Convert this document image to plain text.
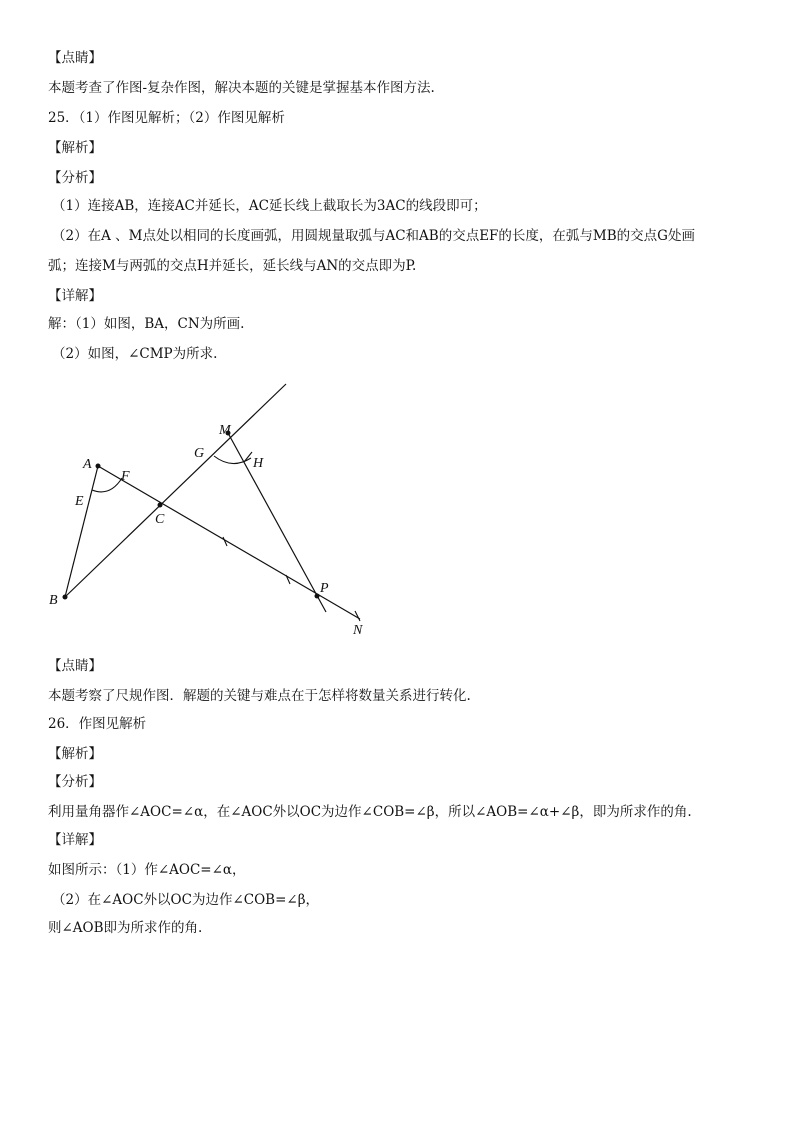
【点睛】
本题考查了作图-复杂作图，解决本题的关键是掌握基本作图方法.
25．（1）作图见解析；（2）作图见解析
【解析】
【分析】
（1）连接AB，连接AC并延长，AC延长线上截取长为3AC的线段即可；
（2）在A 、M点处以相同的长度画弧，用圆规量取弧与AC和AB的交点EF的长度，在弧与MB的交点G处画
弧；连接M与两弧的交点H并延长，延长线与AN的交点即为P.
【详解】
解：（1）如图，BA，CN为所画.
（2）如图，∠CMP为所求.
A
B
C
E
F
G
H
M
P
N
【点睛】
本题考察了尺规作图．解题的关键与难点在于怎样将数量关系进行转化.
26．作图见解析
【解析】
【分析】
利用量角器作∠AOC=∠α，在∠AOC外以OC为边作∠COB=∠β，所以∠AOB=∠α+∠β，即为所求作的角.
【详解】
如图所示：（1）作∠AOC=∠α，
（2）在∠AOC外以OC为边作∠COB=∠β，
则∠AOB即为所求作的角.
